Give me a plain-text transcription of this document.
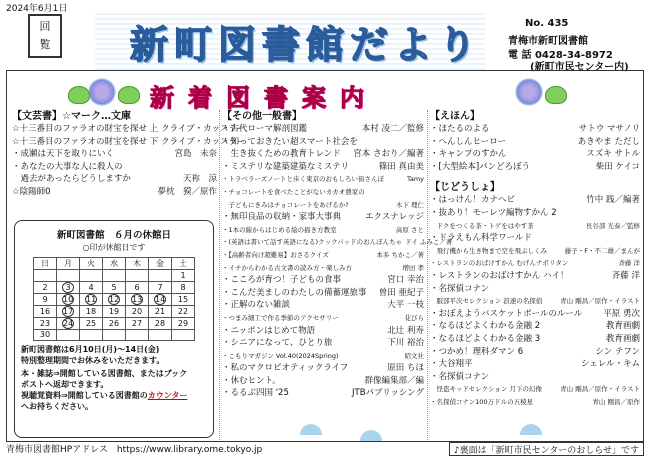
2024年6月1日
回
覧 新町図書館だより	No. 435
青梅市新町図書館
電 話 0428-34-8972
(新町市民センター内)
新 着 図 書 案 内
【文芸書】☆マーク…文庫
☆十三番目のファラオの財宝を探せ 上 クライブ・カッスラー
☆十三番目のファラオの財宝を探せ 下 クライブ・カッスラー
・成瀬は天下を取りにいく	宮島　未奈
・あなたの大事な人に殺人の
　過去があったらどうしますか	天祢　涼
☆陰陽師0	夢枕　獏／原作
新町図書館　６月の休館日
○印が休館日です
日	月	火	水	木	金	土
						1
2	3	4	5	6	7	8
9	10	11	12	13	14	15
16	17	18	19	20	21	22
23	24	25	26	27	28	29
30						
新町図書館は6月10日(月)～14日(金)
特別整理期間でお休みをいただきます。
本・雑誌⇒開館している図書館、またはブック
ポストへ返却できます。
視聴覚資料⇒開館している図書館のカウンター
へお持ちください。
【その他一般書】
・古代ローマ解剖図鑑	本村 凌二／監修
・知っておきたい超スマート社会を
　生き抜くための教育トレンド	宮本 さおり／編著
・ミステリな建築建築なミステリ	篠田 真由美
・トラベラーズノートと歩く東京のおもしろい街さんぽ	Tamy
・チョコレートを食べたことがないカカオ農家の
　子どもにきみはチョコレートをあげるか?	木下 理仁
・無印良品の収納・家事大事典	エクスナレッジ
・1本の線からはじめる絵の描き方教室	高原 さと
・(英語は書いて話す英語になる)クックパッドのおんぼんちゃ ドイ ふみこ／著
・【高齢者向け超難易】おさるクイズ	本多 ちかこ／著
・イチからわかる古文書の読み方・楽しみ方	増田 孝
・こころが育つ！子どもの食事	宮口 幸治
・こんだ美ましのわたしの備蓄運旅事	曽田 亜紀子
・正解のない雑談	大平 一枝
・つまみ細工で作る季節のアクセサリー	花びら
・ニッポンはじめて物語	北辻 利寿
・シニアになって、ひとり旅	下川 裕治
・こもりマガジン Vol.40(2024Spring)	昭文社
・私のマクロビオティックライフ	原田 ちほ
・休むヒント。	群像編集部／編
・るるぶ四国 '25	JTBパブリッシング
【えほん】
・ほたるのよる	サトウ マサノリ
・へんしんヒーロー	あきやま ただし
・キャンプのすかん	スズキ サトル
・[大型絵本]パンどろぼう	柴田 ケイコ
【じどうしょ】
・はっけん！カナヘビ	竹中 践／編著
・抜あり！モーレツ編物すかん 2
　ドクをつくる茶・トゲをはやす茶	長谷部 光泰／監修
・ドラえもん科学ワールド
　飛行機から生き物まで空を飛ぶしくみ	藤子・F・不二雄／まんが
・レストランのおばけすかん むげんナポリタン	斉藤 洋
・レストランのおばけすかん ハイ！	斉藤 洋
・名探偵コナン
　服部平次セレクション 浪速の名探偵	青山 剛昌／原作・イラスト
・おぼえようバスケットボールのルール	平原 勇次
・なるほどよくわかる金融 2	教育画劇
・なるほどよくわかる金融 3	教育画劇
・つかめ！理科ダマン 6	シン テフン
・大谷翔平	シェレル・キム
・名探偵コナン
　怪盗キッドセレクション 月下の幻像	青山 剛昌／原作・イラスト
・名探偵コナン100万ドルの五稜星	青山 剛昌／原作
青梅市図書館HPアドレス　https://www.library.ome.tokyo.jp	♪裏面は「新町市民センターのおしらせ」です
